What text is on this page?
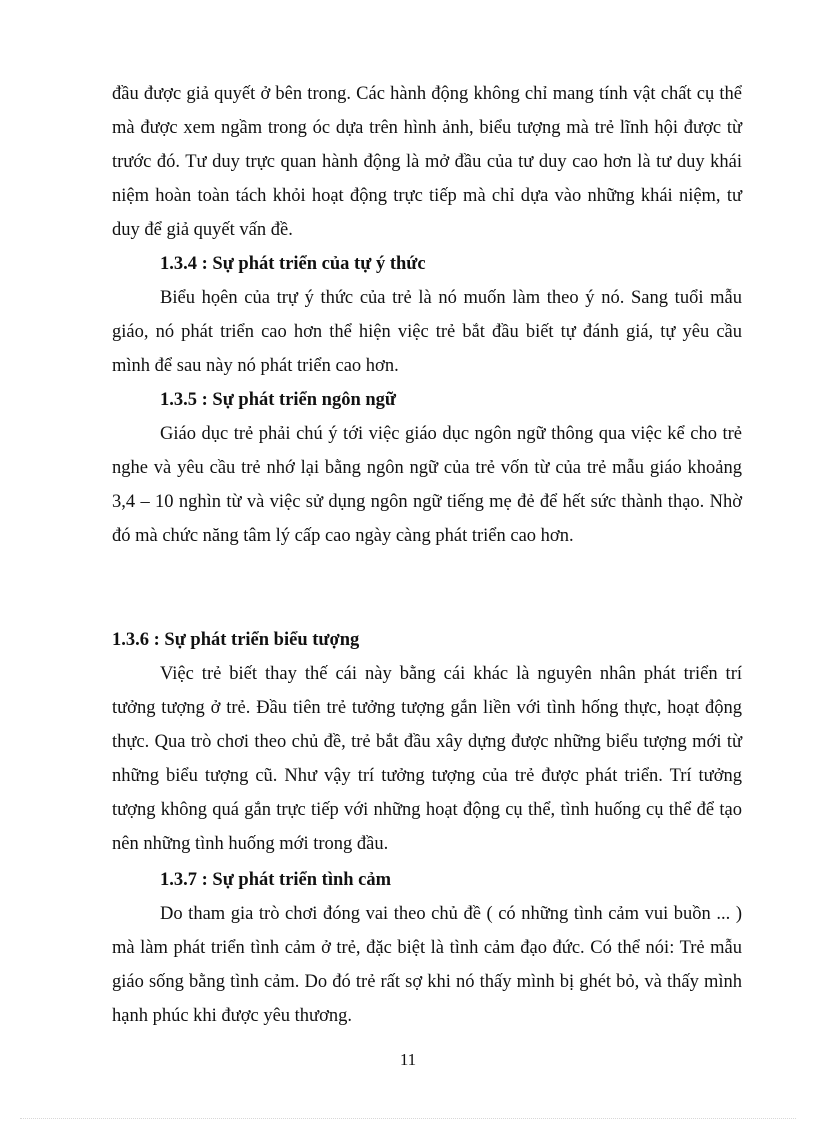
đầu được giả quyết ở bên trong. Các hành động không chỉ mang tính vật chất cụ thể
mà được xem ngầm trong óc dựa trên hình ảnh, biểu tượng mà trẻ lĩnh hội được từ
trước đó. Tư duy trực quan hành động là mở đầu của tư duy cao hơn là tư duy khái
niệm hoàn toàn tách khỏi hoạt động trực tiếp mà chỉ dựa vào những khái niệm, tư
duy để giả quyết vấn đề.
1.3.4 : Sự phát triển của tự ý thức
Biểu họên của trự ý thức của trẻ là nó muốn làm theo ý nó. Sang tuổi mẫu
giáo, nó phát triển cao hơn thể hiện việc trẻ bắt đầu biết tự đánh giá, tự yêu cầu
mình để sau này nó phát triển cao hơn.
1.3.5 : Sự phát triển ngôn ngữ
Giáo dục trẻ phải chú ý tới việc giáo dục ngôn ngữ thông qua việc kể cho trẻ
nghe và yêu cầu trẻ nhớ lại bằng ngôn ngữ của trẻ vốn từ của trẻ mẫu giáo khoảng
3,4 – 10 nghìn từ và việc sử dụng ngôn ngữ tiếng mẹ đẻ để hết sức thành thạo. Nhờ
đó mà chức năng tâm lý cấp cao ngày càng phát triển cao hơn.
1.3.6 : Sự phát triển biểu tượng
Việc trẻ biết thay thế cái này bằng cái khác là nguyên nhân phát triển trí
tưởng tượng ở trẻ. Đầu tiên trẻ tưởng tượng gắn liền với tình hống thực, hoạt động
thực. Qua trò chơi theo chủ đề, trẻ bắt đầu xây dựng được những biểu tượng mới từ
những biểu tượng cũ. Như vậy trí tưởng tượng của trẻ được phát triển. Trí tưởng
tượng không quá gắn trực tiếp với những hoạt động cụ thể, tình huống cụ thể để tạo
nên những tình huống mới trong đầu.
1.3.7 : Sự phát triển tình cảm
Do tham gia trò chơi đóng vai theo chủ đề ( có những tình cảm vui buồn ... )
mà làm phát triển tình cảm ở trẻ, đặc biệt là tình cảm đạo đức. Có thể nói: Trẻ mẫu
giáo sống bằng tình cảm. Do đó trẻ rất sợ khi nó thấy mình bị ghét bỏ, và thấy mình
hạnh phúc khi được yêu thương.
11
